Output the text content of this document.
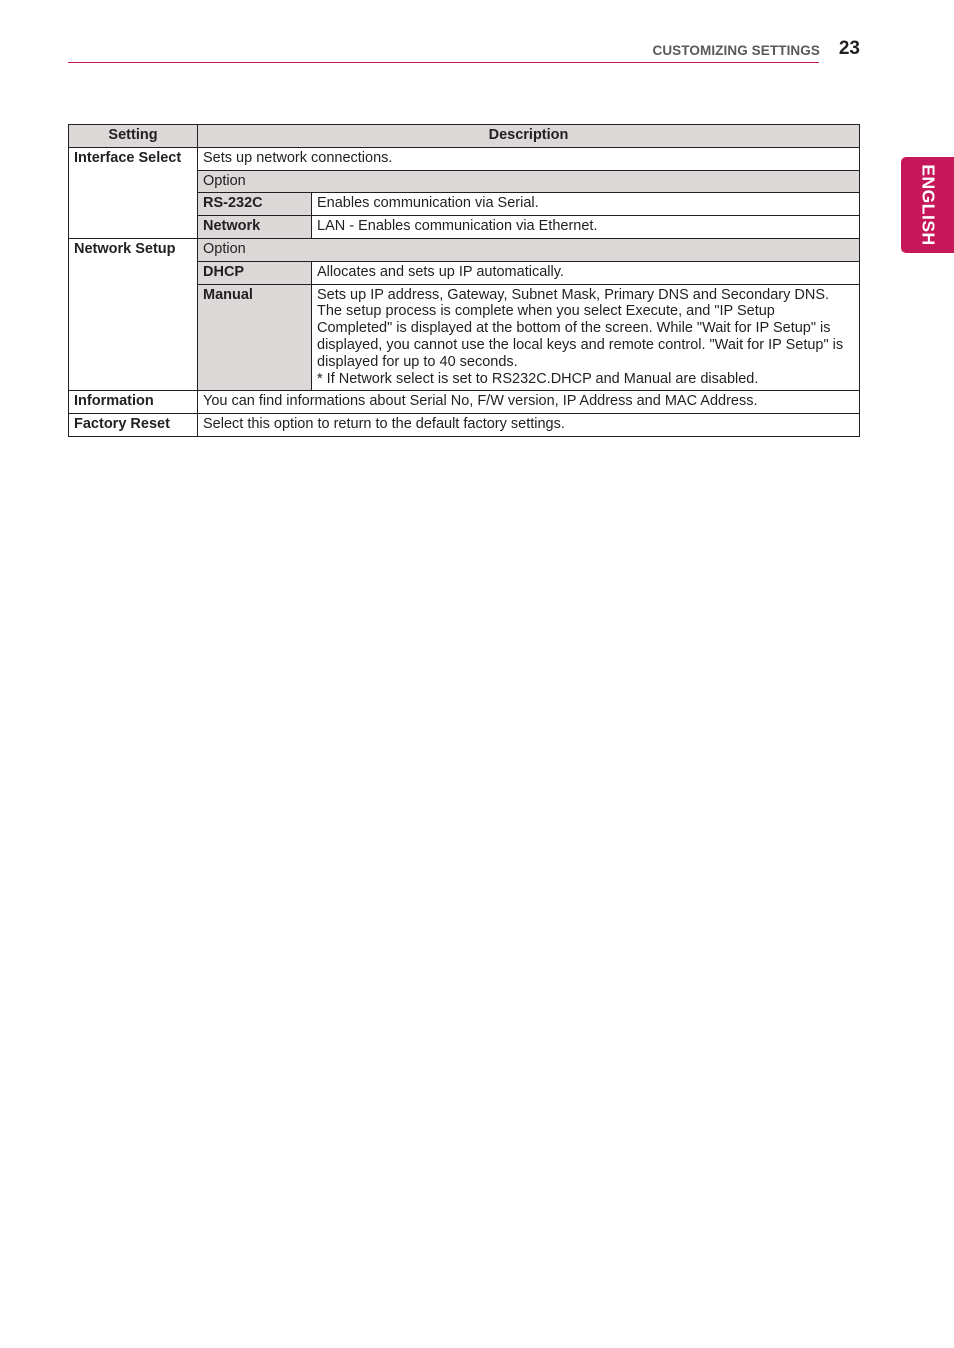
CUSTOMIZING SETTINGS 23
ENGLISH
Setting	Description	
Interface Select	Sets up network connections.	
	Option	
	RS-232C	Enables communication via Serial.
	Network	LAN - Enables communication via Ethernet.
Network Setup	Option	
	DHCP	Allocates and sets up IP automatically.
	Manual	Sets up IP address, Gateway, Subnet Mask, Primary DNS and Secondary DNS.
The setup process is complete when you select Execute, and "IP Setup Completed" is displayed at the bottom of the screen. While "Wait for IP Setup" is displayed, you cannot use the local keys and remote control. "Wait for IP Setup" is displayed for up to 40 seconds.
* If Network select is set to RS232C.DHCP and Manual are disabled.

Information	You can find informations about Serial No, F/W version, IP Address and MAC Address.	
Factory Reset	Select this option to return to the default factory settings.	
